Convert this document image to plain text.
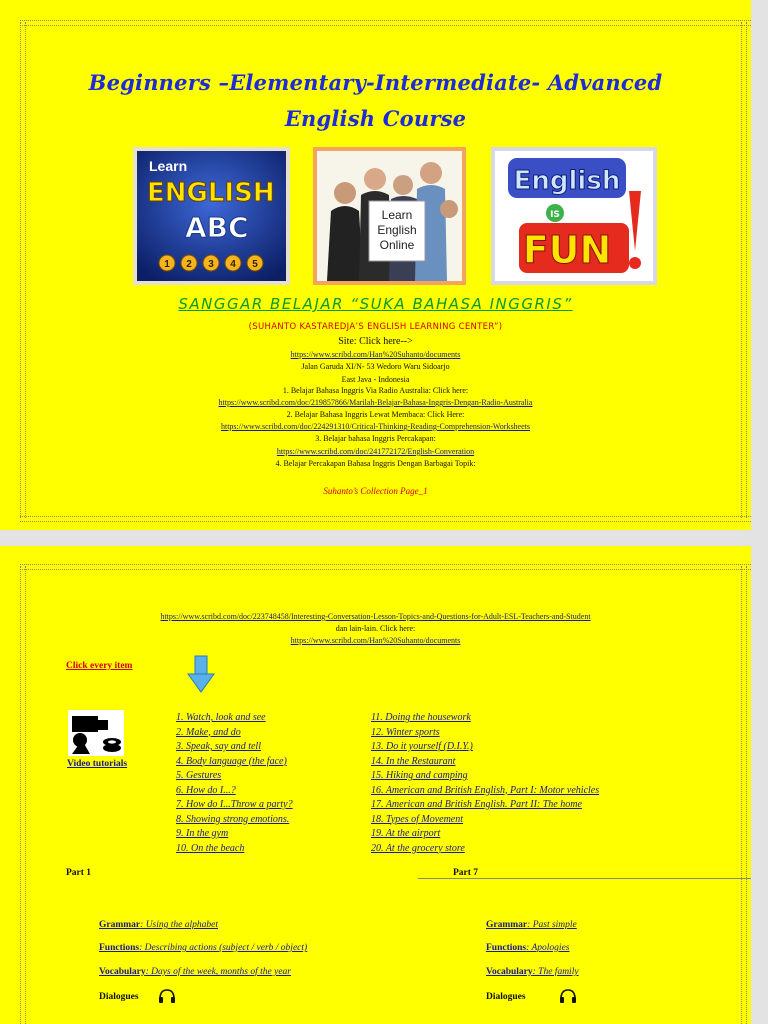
Beginners –Elementary-Intermediate- Advanced
English Course
Learn
ENGLISH
ABC
1 2 3 4 5
Learn
English
Online
English
IS
FUN
SANGGAR BELAJAR “SUKA BAHASA INGGRIS”
(SUHANTO KASTAREDJA’S ENGLISH LEARNING CENTER”)
Site: Click here-->
https://www.scribd.com/Han%20Suhanto/documents
Jalan Garuda XI/N- 53 Wedoro Waru Sidoarjo
East Java - Indonesia
1. Belajar Bahasa Inggris Via Radio Australia: Click here:
https://www.scribd.com/doc/219857866/Marilah-Belajar-Bahasa-Inggris-Dengan-Radio-Australia
2. Belajar Bahasa Inggris Lewat Membaca: Click Here:
https://www.scribd.com/doc/224291310/Critical-Thinking-Reading-Comprehension-Worksheets
3. Belajar bahasa Inggris Percakapan:
https://www.scribd.com/doc/241772172/English-Converation
4. Belajar Percakapan Bahasa Inggris Dengan Barbagai Topik:
Suhanto’s Collection Page_1
https://www.scribd.com/doc/223748458/Interesting-Conversation-Lesson-Topics-and-Questions-for-Adult-ESL-Teachers-and-Student
dan lain-lain. Click here:
https://www.scribd.com/Han%20Suhanto/documents
Click every item
Video tutorials
1. Watch, look and see
2. Make, and do
3. Speak, say and tell
4. Body language (the face)
5. Gestures
6. How do I...?
7. How do I...Throw a party?
8. Showing strong emotions.
9. In the gym
10. On the beach
11. Doing the housework
12. Winter sports
13. Do it yourself (D.I.Y.)
14. In the Restaurant
15. Hiking and camping
16. American and British English, Part I: Motor vehicles
17. American and British English. Part II: The home
18. Types of Movement
19. At the airport
20. At the grocery store
Part 1
Grammar: Using the alphabet
Functions: Describing actions (subject / verb / object)
Vocabulary: Days of the week, months of the year
Dialogues
Part 7
Grammar: Past simple
Functions: Apologies
Vocabulary: The family
Dialogues
